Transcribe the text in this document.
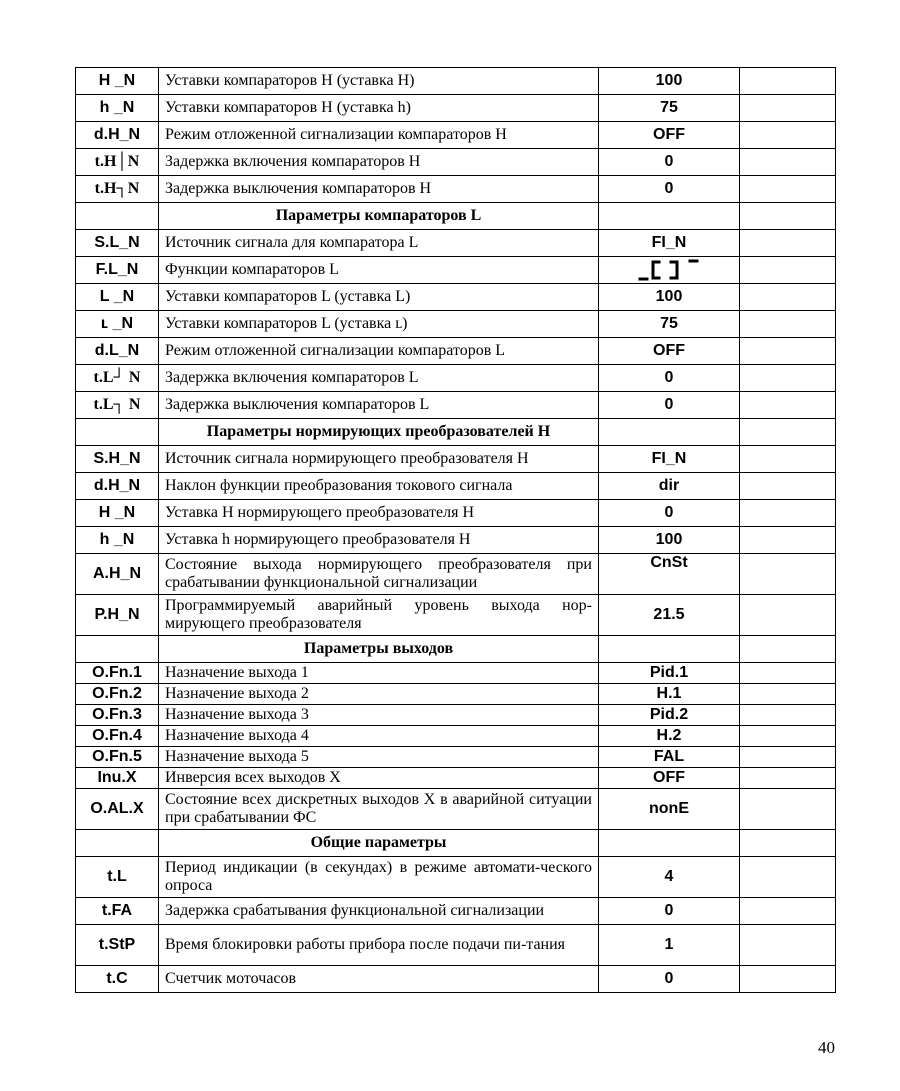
H _N	Уставки компараторов H (уставка H)	100	
h _N	Уставки компараторов H (уставка h)	75	
d.H_N	Режим отложенной сигнализации компараторов Н	OFF	
t.H│N	Задержка включения компараторов Н	0	
t.H┐N	Задержка выключения компараторов Н	0	
	Параметры компараторов L		
S.L_N	Источник сигнала для компаратора L	FI_N	
F.L_N	Функции компараторов L		
L _N	Уставки компараторов L (уставка L)	100	
ʟ _N	Уставки компараторов L (уставка ʟ)	75	
d.L_N	Режим отложенной сигнализации компараторов L	OFF	
t.L┘ N	Задержка включения компараторов L	0	
t.L┐ N	Задержка выключения компараторов L	0	
	Параметры нормирующих преобразователей Н		
S.H_N	Источник сигнала нормирующего преобразователя Н	FI_N	
d.H_N	Наклон функции преобразования токового сигнала	dir	
H _N	Уставка H нормирующего преобразователя Н	0	
h _N	Уставка h нормирующего преобразователя Н	100	
A.H_N	Состояние выхода нормирующего преобразователя при срабатывании функциональной сигнализации	CnSt	
P.H_N	Программируемый аварийный уровень выхода нор-мирующего преобразователя	21.5	
	Параметры выходов		
O.Fn.1	Назначение выхода 1	Pid.1	
O.Fn.2	Назначение выхода 2	H.1	
O.Fn.3	Назначение выхода 3	Pid.2	
O.Fn.4	Назначение выхода 4	H.2	
O.Fn.5	Назначение выхода 5	FAL	
Inu.X	Инверсия всех выходов X	OFF	
O.AL.X	Состояние всех дискретных выходов X в аварийной ситуации при срабатывании ФС	nonE	
	Общие параметры		
t.L	Период индикации (в секундах) в режиме автомати-ческого опроса	4	
t.FA	Задержка срабатывания функциональной сигнализации	0	
t.StP	Время блокировки работы прибора после подачи пи-тания	1	
t.C	Счетчик моточасов	0	
40
